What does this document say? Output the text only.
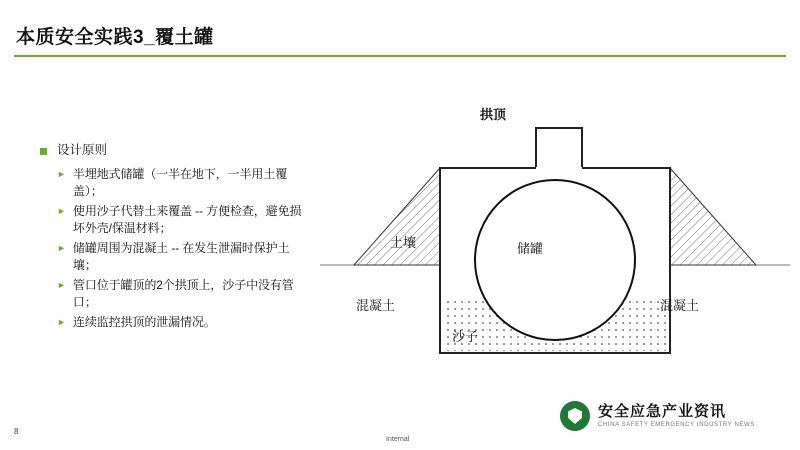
本质安全实践3_覆土罐
设计原则
► 半埋地式储罐（一半在地下，一半用土覆盖）；
► 使用沙子代替土来覆盖 -- 方便检查，避免损坏外壳/保温材料；
► 储罐周围为混凝土 -- 在发生泄漏时保护土壤；
► 管口位于罐顶的2个拱顶上，沙子中没有管口；
► 连续监控拱顶的泄漏情况。
拱顶
储罐
土壤
沙子
混凝土	混凝土
8
Internal
安全应急产业资讯
CHINA SAFETY EMERGENCY INDUSTRY NEWS
